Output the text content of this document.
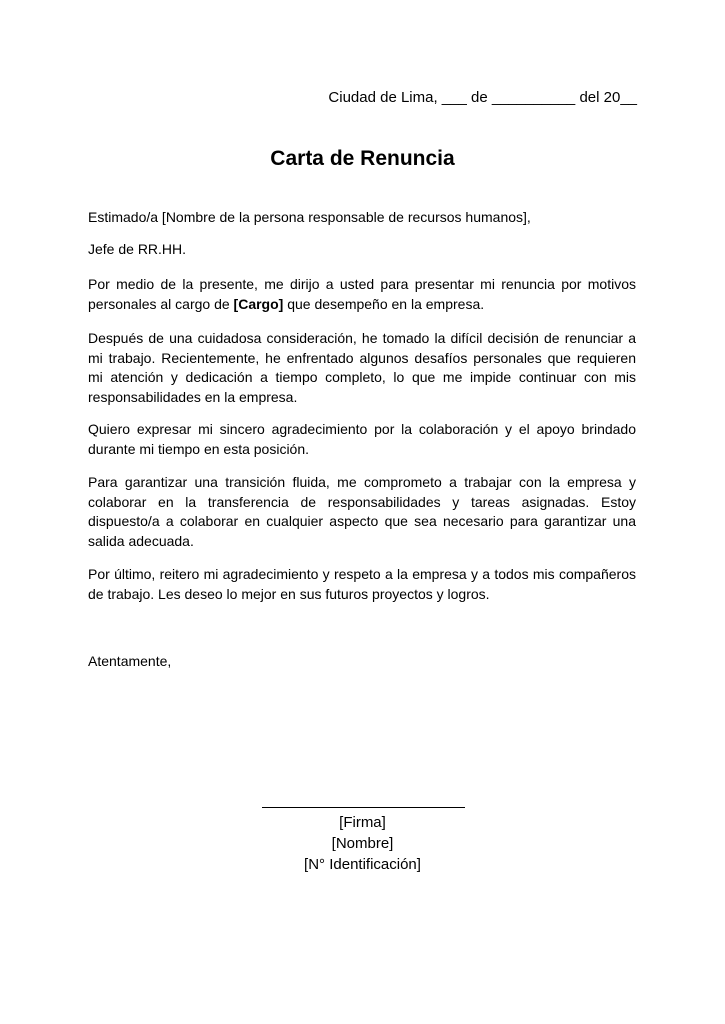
Ciudad de Lima, ___ de __________ del 20__
Carta de Renuncia

Estimado/a [Nombre de la persona responsable de recursos humanos],

Jefe de RR.HH.

Por medio de la presente, me dirijo a usted para presentar mi renuncia por motivos personales al cargo de [Cargo] que desempeño en la empresa.

Después de una cuidadosa consideración, he tomado la difícil decisión de renunciar a mi trabajo. Recientemente, he enfrentado algunos desafíos personales que requieren mi atención y dedicación a tiempo completo, lo que me impide continuar con mis responsabilidades en la empresa.

Quiero expresar mi sincero agradecimiento por la colaboración y el apoyo brindado durante mi tiempo en esta posición.

Para garantizar una transición fluida, me comprometo a trabajar con la empresa y colaborar en la transferencia de responsabilidades y tareas asignadas. Estoy dispuesto/a a colaborar en cualquier aspecto que sea necesario para garantizar una salida adecuada.

Por último, reitero mi agradecimiento y respeto a la empresa y a todos mis compañeros de trabajo. Les deseo lo mejor en sus futuros proyectos y logros.

Atentamente,

[Firma]
[Nombre]
[N° Identificación]
